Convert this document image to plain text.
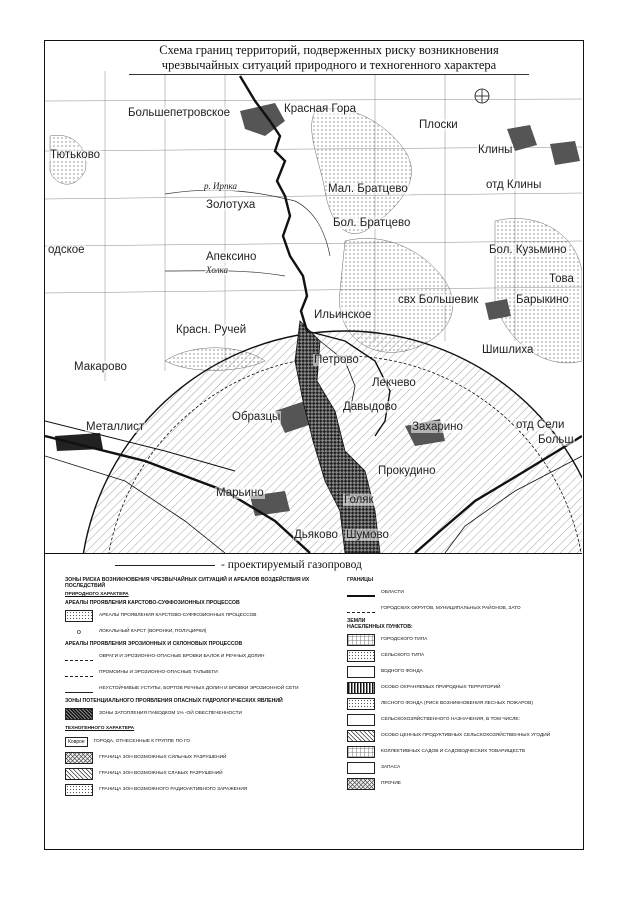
Большепетровское	Красная Гора
Плоски
Тютьково	Клины
Мал. Братцево	отд Клины
Золотуха
Бол. Братцево
одское
Апексино
Бол. Кузьмино
Това
свх Большевик	Барыкино
Ильинское
Красн. Ручей
Шишлиха
Макарово
Петрово
Лекчево
Образцы
Давыдово
отд Сели
Металлист	Захарино
Больш
Прокудино
Марьино
Голяк
Дьяково Шумово
р. Ирпка
Холка
Схема границ территорий, подверженных риску возникновения
чрезвычайных ситуаций природного и техногенного характера
- проектируемый газопровод
ЗОНЫ РИСКА ВОЗНИКНОВЕНИЯ ЧРЕЗВЫЧАЙНЫХ СИТУАЦИЙ И АРЕАЛОВ ВОЗДЕЙСТВИЯ ИХ ПОСЛЕДСТВИЙ
ПРИРОДНОГО ХАРАКТЕРА
АРЕАЛЫ ПРОЯВЛЕНИЯ КАРСТОВО-СУФФОЗИОННЫХ ПРОЦЕССОВ
АРЕАЛЫ ПРОЯВЛЕНИЯ КАРСТОВО-СУФФОЗИОННЫХ ПРОЦЕССОВ
o	ЛОКАЛЬНЫЙ КАРСТ (ВОРОНКИ, ПОЛУЦИРКИ)
АРЕАЛЫ ПРОЯВЛЕНИЯ ЭРОЗИОННЫХ И СКЛОНОВЫХ ПРОЦЕССОВ
ОВРАГИ И ЭРОЗИОННО-ОПАСНЫЕ БРОВКИ БАЛОК И РЕЧНЫХ ДОЛИН
ПРОМОИНЫ И ЭРОЗИОННО-ОПАСНЫЕ ТАЛЬВЕГИ
НЕУСТОЙЧИВЫЕ УСТУПЫ, БОРТОВ РЕЧНЫХ ДОЛИН И БРОВКИ ЭРОЗИОННОЙ СЕТИ
ЗОНЫ ПОТЕНЦИАЛЬНОГО ПРОЯВЛЕНИЯ ОПАСНЫХ ГИДРОЛОГИЧЕСКИХ ЯВЛЕНИЙ
ЗОНЫ ЗАТОПЛЕНИЯ ПАВОДКОМ 1% -ОЙ ОБЕСПЕЧЕННОСТИ
ТЕХНОГЕННОГО ХАРАКТЕРА
Коврое	ГОРОДА, ОТНЕСЕННЫЕ К ГРУППЕ ПО ГО
ГРАНИЦА ЗОН ВОЗМОЖНЫХ СИЛЬНЫХ РАЗРУШЕНИЙ
ГРАНИЦА ЗОН ВОЗМОЖНЫХ СЛАБЫХ РАЗРУШЕНИЙ
ГРАНИЦА ЗОН ВОЗМОЖНОГО РАДИОАКТИВНОГО ЗАРАЖЕНИЯ
ГРАНИЦЫ
ОБЛАСТИ
ГОРОДСКИХ ОКРУГОВ, МУНИЦИПАЛЬНЫХ РАЙОНОВ, ЗАТО
ЗЕМЛИ
НАСЕЛЕННЫХ ПУНКТОВ:
ГОРОДСКОГО ТИПА
СЕЛЬСКОГО ТИПА
ВОДНОГО ФОНДА
ОСОБО ОХРАНЯЕМЫХ ПРИРОДНЫХ ТЕРРИТОРИЙ
ЛЕСНОГО ФОНДА (РИСК ВОЗНИКНОВЕНИЯ ЛЕСНЫХ ПОЖАРОВ)
СЕЛЬСКОХОЗЯЙСТВЕННОГО НАЗНАЧЕНИЯ, В ТОМ ЧИСЛЕ:
ОСОБО ЦЕННЫХ ПРОДУКТИВНЫХ СЕЛЬСКОХОЗЯЙСТВЕННЫХ УГОДИЙ
КОЛЛЕКТИВНЫХ САДОВ И САДОВОДЧЕСКИХ ТОВАРИЩЕСТВ
ЗАПАСА
ПРОЧИЕ
